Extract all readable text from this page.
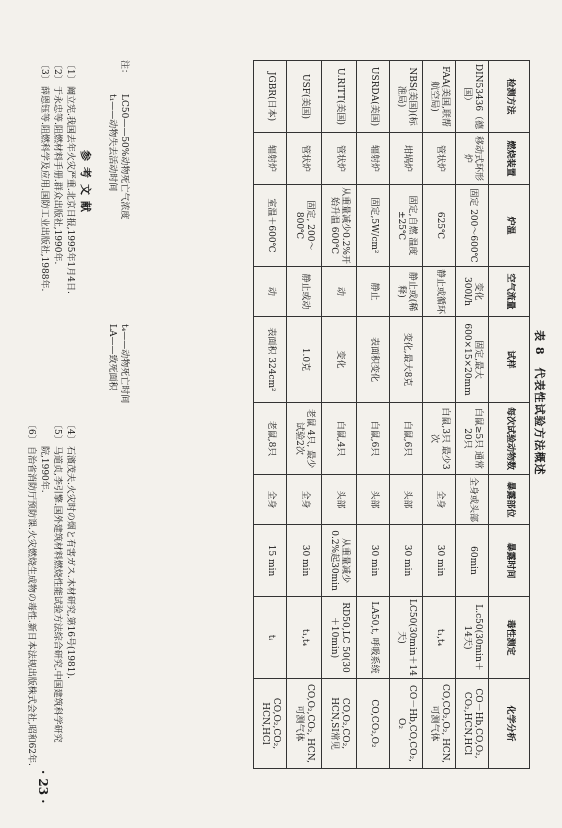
表 8　代表性试验方法概述
检测方法	燃烧装置	炉温	空气流量	试样	每次试验动物数	暴露部位	暴露时间	毒性测定	化学分析
DIN53436（德国）	移动式环形炉	固定 200～600℃	变化 300l/h	固定,最大 600×15×20mm	白鼠≥5只 通常20只	全身或头部	60min	L.c50(30min＋14天)	CO－Hb,CO,O₂, CO₂,HCN,HCl
FAA(美国,联帮航空局)	管状炉	625℃	静止或循环		白鼠,3只 最少3次	全身	30 min	t₁,t₄	CO,CO₂,O₂, HCN,可测气体
NBS(美国)(标准局)	坩埚炉	固定,自燃 温度±25℃	静止或(稀释)	变化,最大8克	白鼠,6只	头部	30 min	LC50(30min＋14天)	CO－Hb,CO,CO₂, O₂
USRDA(美国)	辐射炉	固定,5W/cm²	静止	表面积变化	白鼠,6只	头部	30 min	LA50,t, 呼吸系统	CO,CO₂,O₂
U.RITT(美国)	管状炉	从重量减少0.2%开始升温 600℃	动	变化	白鼠,4只	头部	从重量减少0.2%起30min	RD50,LC 50(30＋10min)	CO,O₂,CO₂, HCN,SI常见
USF(美国)	管状炉	固定, 200～800℃	静止或动	1.0克	老鼠 4只, 最少试验2次	全身	30 min	t₁,t₄	CO,O₂,CO₂, HCN,可测气体
JGBR(日本)	辐射炉	室温＋600℃	动	表面积 324cm²	老鼠,8只	全身	15 min	tᵢ	CO,O₂,CO₂, HCN,HCl
注：
LC50——50%动物死亡气浓度
t₁——动物失去活动时间
t₄——动物死亡时间
LA——致死面积
参考文献
〔1〕
阚立宪.我国去年火灾严重.北京日报,1995年1月4日.
〔2〕
于永忠等.阻燃材料手册.群众出版社,1990年.
〔3〕
薛恩钰等.阻燃科学及应用.国防工业出版社,1988年.
〔4〕
石濱茂夫.火灾时の烟と有害ガス.木材研究,第16号(1981).
〔5〕
马道贞,李引擎.国外建筑材料燃烧性能试验方法综合研究.中国建筑科学研究院,1990年.
〔6〕
自治省消防厅预防课.火灾燃烧生成物の毒性.新日本法规出版株式会社,昭和62年.
· 23 ·
